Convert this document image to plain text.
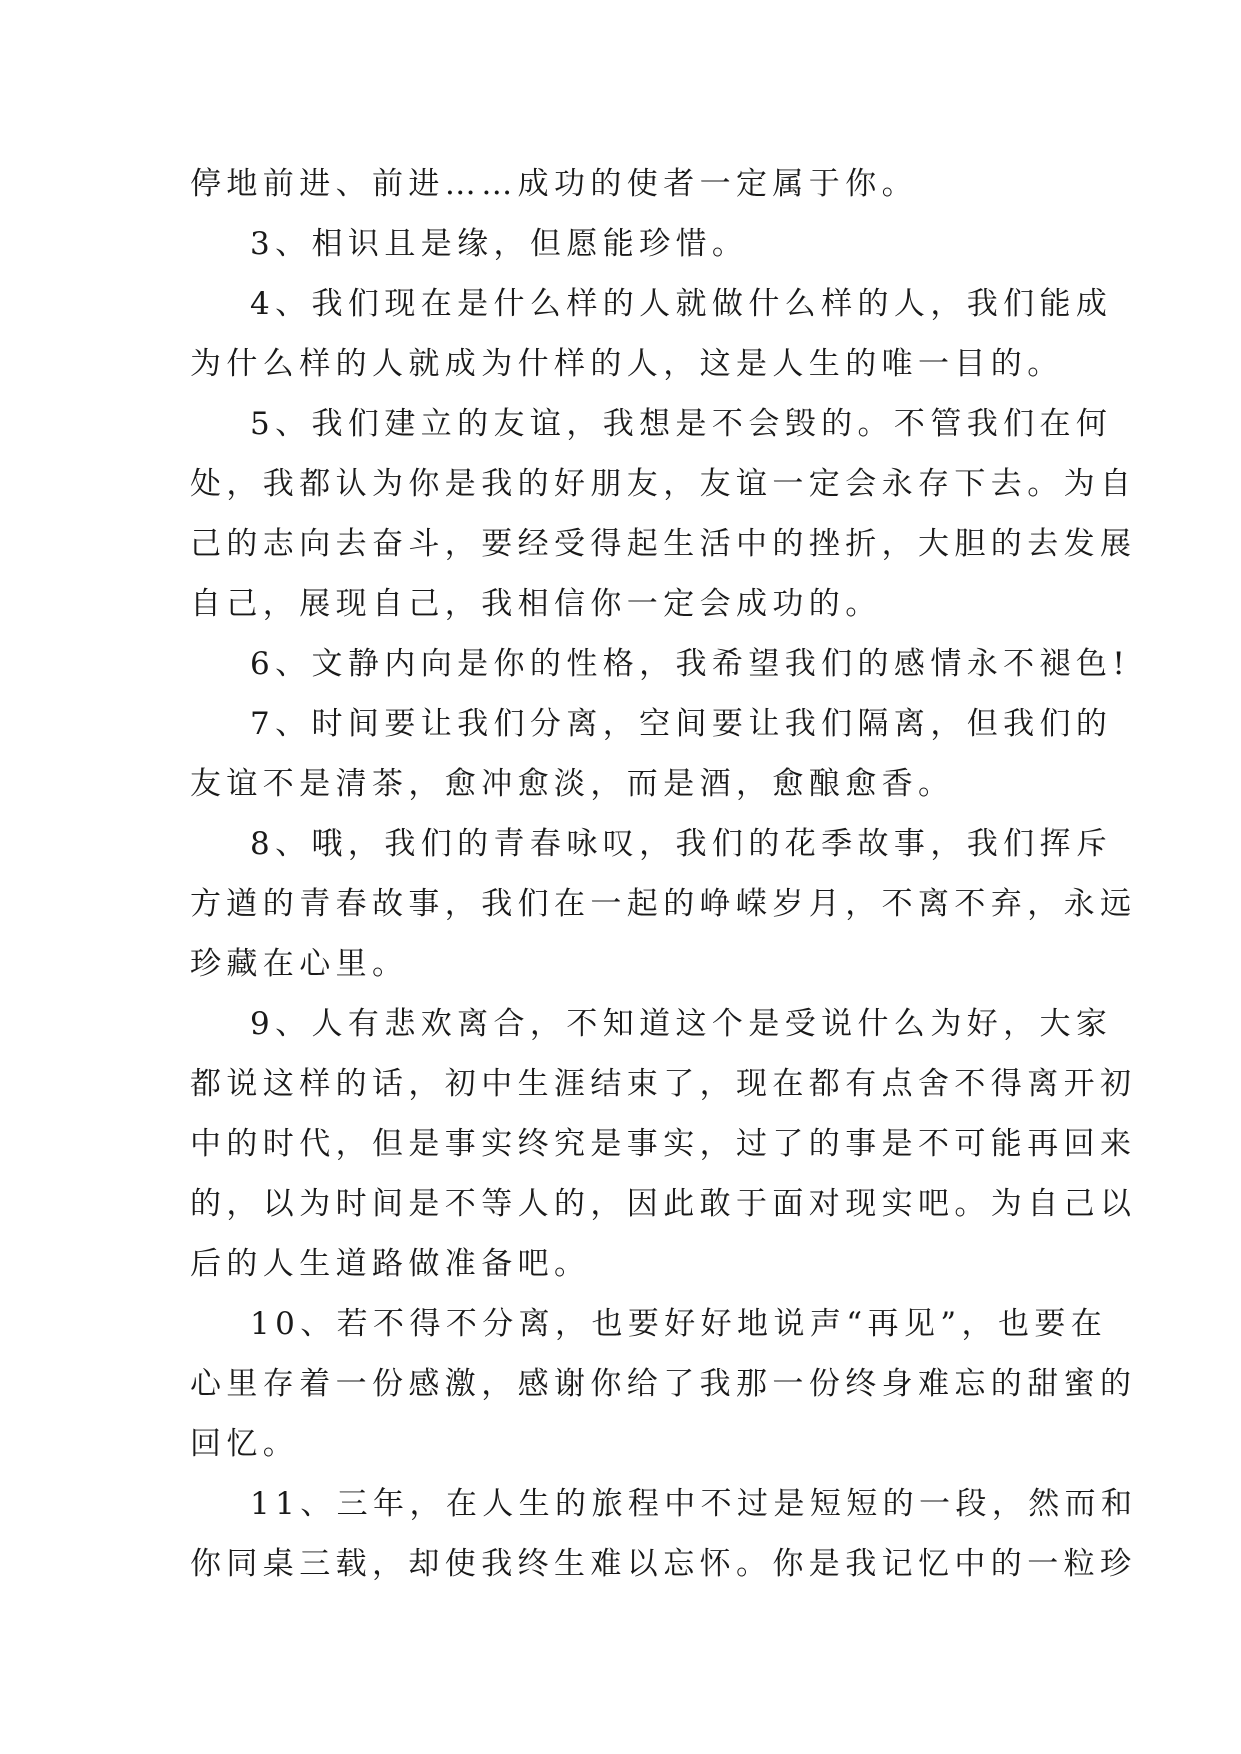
停地前进、前进……成功的使者一定属于你。
3、相识且是缘，但愿能珍惜。
4、我们现在是什么样的人就做什么样的人，我们能成
为什么样的人就成为什样的人，这是人生的唯一目的。
5、我们建立的友谊，我想是不会毁的。不管我们在何
处，我都认为你是我的好朋友，友谊一定会永存下去。为自
己的志向去奋斗，要经受得起生活中的挫折，大胆的去发展
自己，展现自己，我相信你一定会成功的。
6、文静内向是你的性格，我希望我们的感情永不褪色!
7、时间要让我们分离，空间要让我们隔离，但我们的
友谊不是清茶，愈冲愈淡，而是酒，愈酿愈香。
8、哦，我们的青春咏叹，我们的花季故事，我们挥斥
方遒的青春故事，我们在一起的峥嵘岁月，不离不弃，永远
珍藏在心里。
9、人有悲欢离合，不知道这个是受说什么为好，大家
都说这样的话，初中生涯结束了，现在都有点舍不得离开初
中的时代，但是事实终究是事实，过了的事是不可能再回来
的，以为时间是不等人的，因此敢于面对现实吧。为自己以
后的人生道路做准备吧。
10、若不得不分离，也要好好地说声“再见”，也要在
心里存着一份感激，感谢你给了我那一份终身难忘的甜蜜的
回忆。
11、三年，在人生的旅程中不过是短短的一段，然而和
你同桌三载，却使我终生难以忘怀。你是我记忆中的一粒珍
